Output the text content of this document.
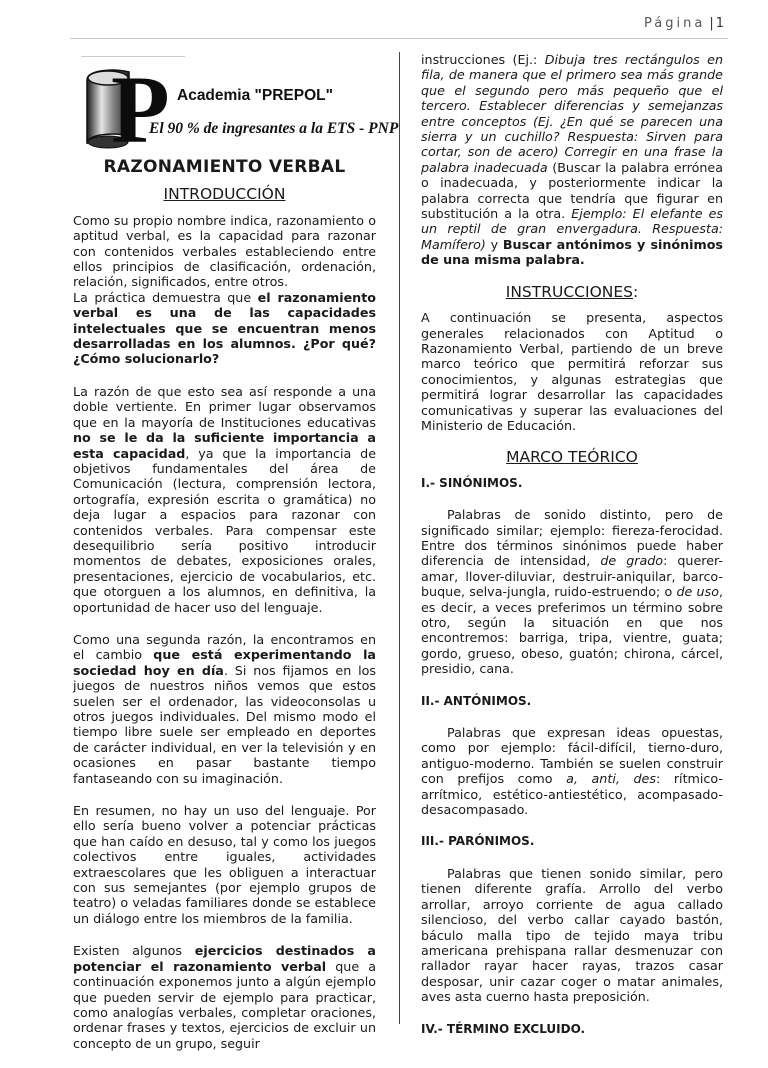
Página | 1
P Academia "PREPOL"
El 90 % de ingresantes a la ETS - PNP
RAZONAMIENTO VERBAL
INTRODUCCIÓN

Como su propio nombre indica, razonamiento o aptitud verbal, es la capacidad para razonar con contenidos verbales estableciendo entre ellos principios de clasificación, ordenación, relación, significados, entre otros.

La práctica demuestra que el razonamiento verbal es una de las capacidades intelectuales que se encuentran menos desarrolladas en los alumnos. ¿Por qué? ¿Cómo solucionarlo?

La razón de que esto sea así responde a una doble vertiente. En primer lugar observamos que en la mayoría de Instituciones educativas no se le da la suficiente importancia a esta capacidad, ya que la importancia de objetivos fundamentales del área de Comunicación (lectura, comprensión lectora, ortografía, expresión escrita o gramática) no deja lugar a espacios para razonar con contenidos verbales. Para compensar este desequilibrio sería positivo introducir momentos de debates, exposiciones orales, presentaciones, ejercicio de vocabularios, etc. que otorguen a los alumnos, en definitiva, la oportunidad de hacer uso del lenguaje.

Como una segunda razón, la encontramos en el cambio que está experimentando la sociedad hoy en día. Si nos fijamos en los juegos de nuestros niños vemos que estos suelen ser el ordenador, las videoconsolas u otros juegos individuales. Del mismo modo el tiempo libre suele ser empleado en deportes de carácter individual, en ver la televisión y en ocasiones en pasar bastante tiempo fantaseando con su imaginación.

En resumen, no hay un uso del lenguaje. Por ello sería bueno volver a potenciar prácticas que han caído en desuso, tal y como los juegos colectivos entre iguales, actividades extraescolares que les obliguen a interactuar con sus semejantes (por ejemplo grupos de teatro) o veladas familiares donde se establece un diálogo entre los miembros de la familia.

Existen algunos ejercicios destinados a potenciar el razonamiento verbal que a continuación exponemos junto a algún ejemplo que pueden servir de ejemplo para practicar, como analogías verbales, completar oraciones, ordenar frases y textos, ejercicios de excluir un concepto de un grupo, seguir

instrucciones (Ej.: Dibuja tres rectángulos en fila, de manera que el primero sea más grande que el segundo pero más pequeño que el tercero. Establecer diferencias y semejanzas entre conceptos (Ej. ¿En qué se parecen una sierra y un cuchillo? Respuesta: Sirven para cortar, son de acero) Corregir en una frase la palabra inadecuada (Buscar la palabra errónea o inadecuada, y posteriormente indicar la palabra correcta que tendría que figurar en substitución a la otra. Ejemplo: El elefante es un reptil de gran envergadura. Respuesta: Mamífero) y Buscar antónimos y sinónimos de una misma palabra.

INSTRUCCIONES:

A continuación se presenta, aspectos generales relacionados con Aptitud o Razonamiento Verbal, partiendo de un breve marco teórico que permitirá reforzar sus conocimientos, y algunas estrategias que permitirá lograr desarrollar las capacidades comunicativas y superar las evaluaciones del Ministerio de Educación.

MARCO TEÓRICO
I.- SINÓNIMOS.

Palabras de sonido distinto, pero de significado similar; ejemplo: fiereza-ferocidad. Entre dos términos sinónimos puede haber diferencia de intensidad, de grado: querer-amar, llover-diluviar, destruir-aniquilar, barco-buque, selva-jungla, ruido-estruendo; o de uso, es decir, a veces preferimos un término sobre otro, según la situación en que nos encontremos: barriga, tripa, vientre, guata; gordo, grueso, obeso, guatón; chirona, cárcel, presidio, cana.

II.- ANTÓNIMOS.

Palabras que expresan ideas opuestas, como por ejemplo: fácil-difícil, tierno-duro, antiguo-moderno. También se suelen construir con prefijos como a, anti, des: rítmico-arrítmico, estético-antiestético, acompasado-desacompasado.

III.- PARÓNIMOS.

Palabras que tienen sonido similar, pero tienen diferente grafía. Arrollo del verbo arrollar, arroyo corriente de agua callado silencioso, del verbo callar cayado bastón, báculo malla tipo de tejido maya tribu americana prehispana rallar desmenuzar con rallador rayar hacer rayas, trazos casar desposar, unir cazar coger o matar animales, aves asta cuerno hasta preposición.

IV.- TÉRMINO EXCLUIDO.
